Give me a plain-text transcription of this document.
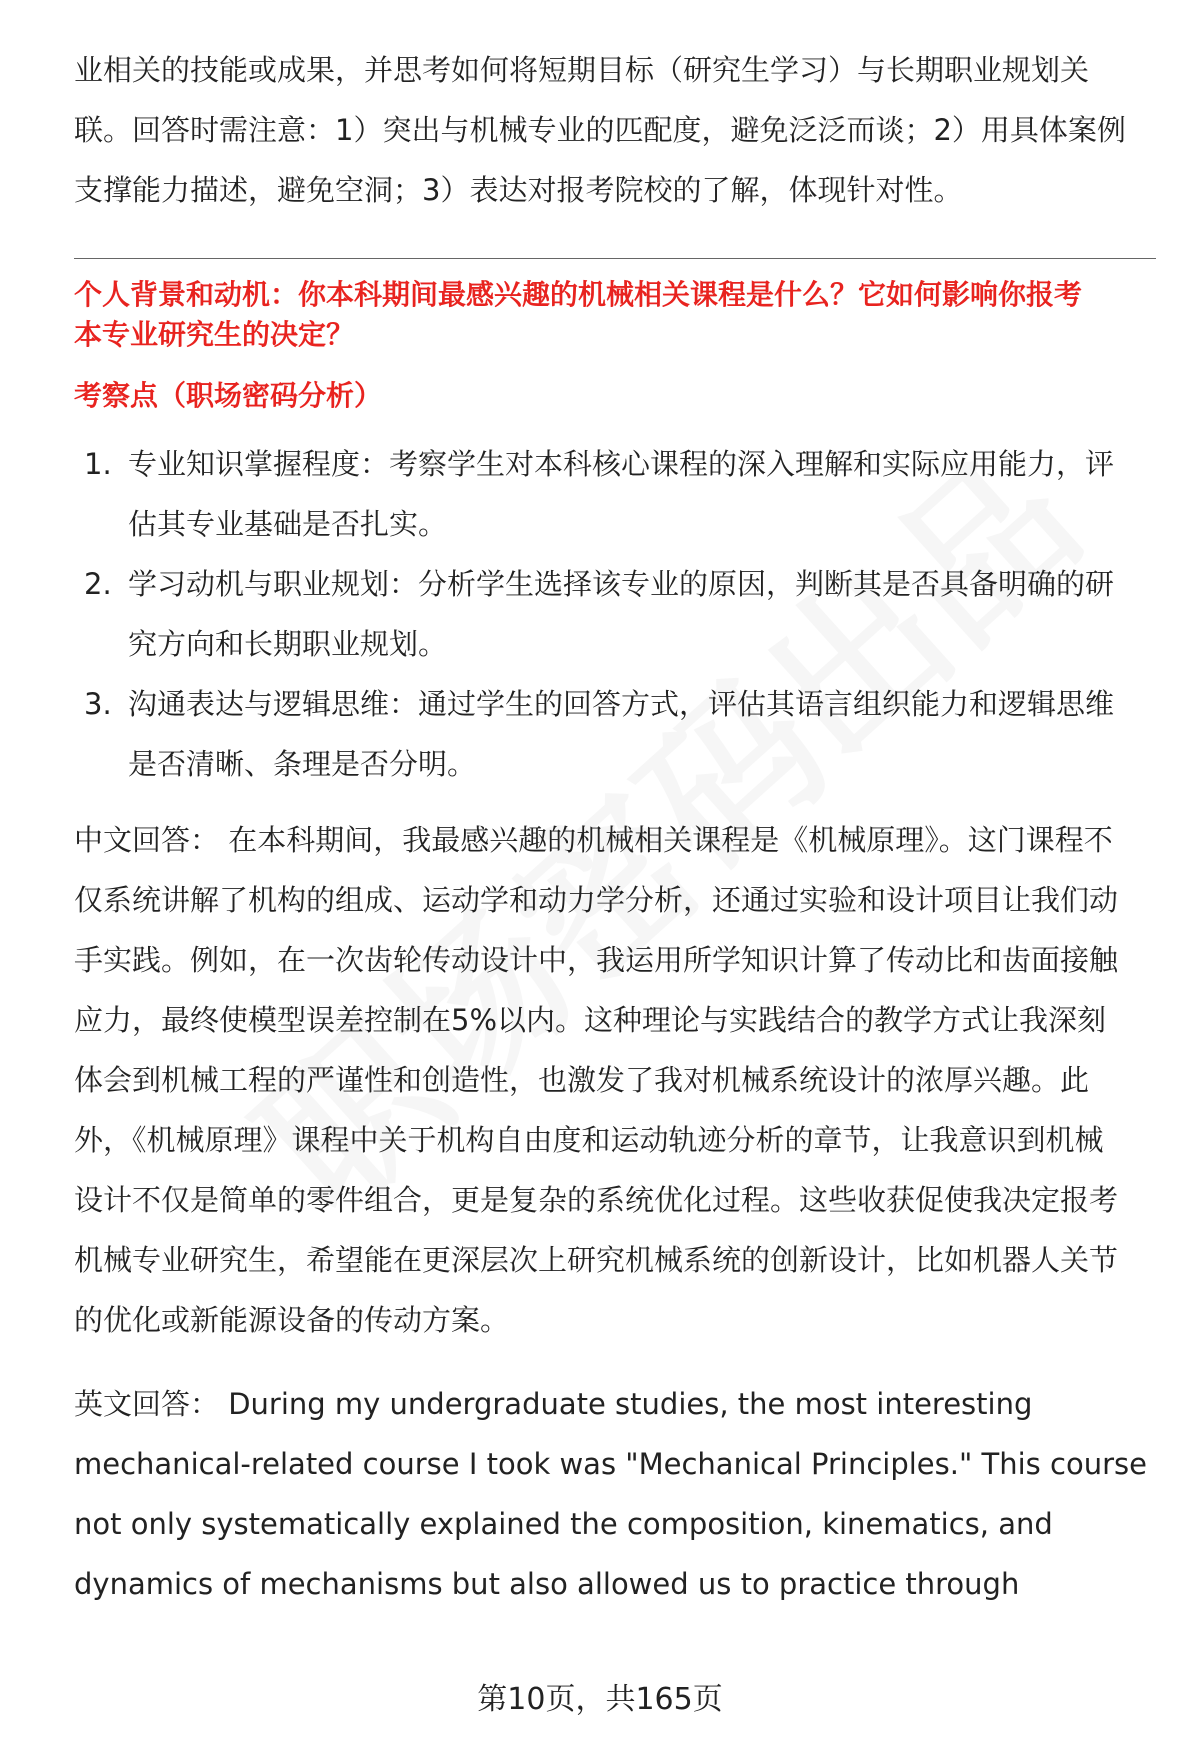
业相关的技能或成果，并思考如何将短期目标（研究生学习）与长期职业规划关

联。回答时需注意：1）突出与机械专业的匹配度，避免泛泛而谈；2）用具体案例

支撑能力描述，避免空洞；3）表达对报考院校的了解，体现针对性。

个人背景和动机：你本科期间最感兴趣的机械相关课程是什么？它如何影响你报考

本专业研究生的决定？

考察点（职场密码分析）

1. 专业知识掌握程度：考察学生对本科核心课程的深入理解和实际应用能力，评
估其专业基础是否扎实。
2. 学习动机与职业规划：分析学生选择该专业的原因，判断其是否具备明确的研
究方向和长期职业规划。
3. 沟通表达与逻辑思维：通过学生的回答方式，评估其语言组织能力和逻辑思维
是否清晰、条理是否分明。

中文回答： 在本科期间，我最感兴趣的机械相关课程是《机械原理》。这门课程不

仅系统讲解了机构的组成、运动学和动力学分析，还通过实验和设计项目让我们动

手实践。例如，在一次齿轮传动设计中，我运用所学知识计算了传动比和齿面接触

应力，最终使模型误差控制在5%以内。这种理论与实践结合的教学方式让我深刻

体会到机械工程的严谨性和创造性，也激发了我对机械系统设计的浓厚兴趣。此

外，《机械原理》课程中关于机构自由度和运动轨迹分析的章节，让我意识到机械

设计不仅是简单的零件组合，更是复杂的系统优化过程。这些收获促使我决定报考

机械专业研究生，希望能在更深层次上研究机械系统的创新设计，比如机器人关节

的优化或新能源设备的传动方案。

英文回答： During my undergraduate studies, the most interesting

mechanical-related course I took was "Mechanical Principles." This course

not only systematically explained the composition, kinematics, and

dynamics of mechanisms but also allowed us to practice through

第10页，共165页
